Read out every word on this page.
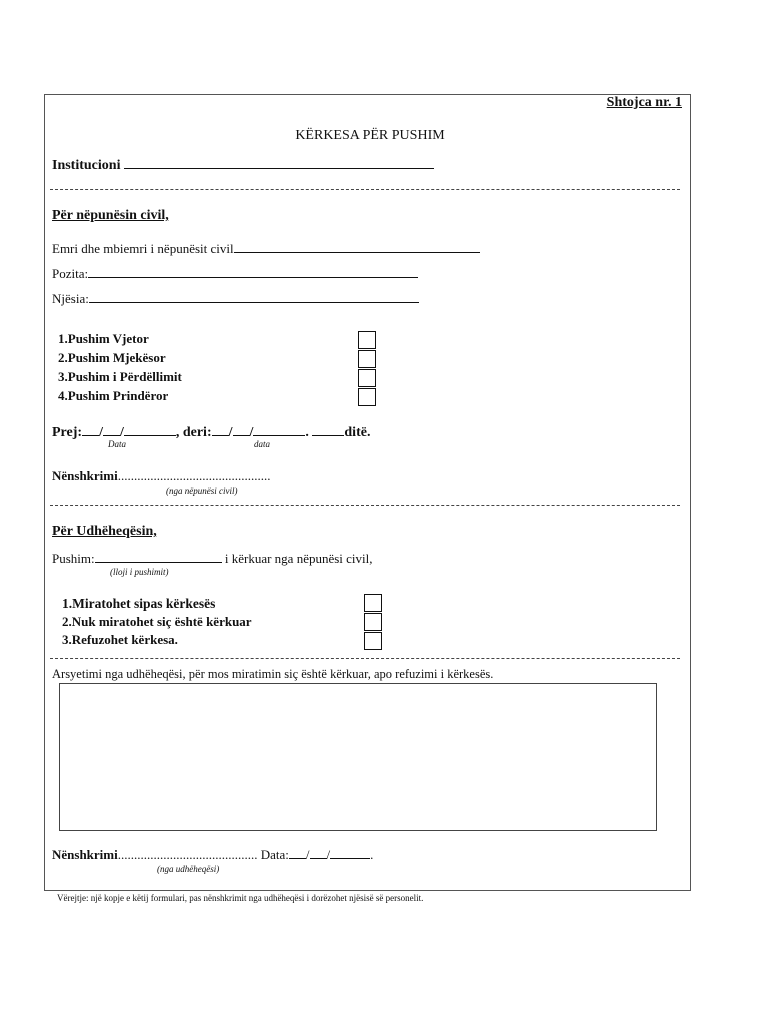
Shtojca nr. 1
KËRKESA PËR PUSHIM
Institucioni
Për nëpunësin civil,
Emri dhe mbiemri i nëpunësit civil
Pozita:
Njësia:
1.Pushim Vjetor
2.Pushim Mjekësor
3.Pushim i Përdëllimit
4.Pushim Prindëror
Prej: / /	, deri: / /	. ditë.
Data	data
Nënshkrimi...............................................
(nga nëpunësi civil)
Për Udhëheqësin,
Pushim:	i kërkuar nga nëpunësi civil,
(lloji i pushimit)
1.Miratohet sipas kërkesës
2.Nuk miratohet siç është kërkuar
3.Refuzohet kërkesa.
Arsyetimi nga udhëheqësi, për mos miratimin siç është kërkuar, apo refuzimi i kërkesës.
Nënshkrimi........................................... Data: / /	.
(nga udhëheqësi)
Vërejtje: një kopje e këtij formulari, pas nënshkrimit nga udhëheqësi i dorëzohet njësisë së personelit.
